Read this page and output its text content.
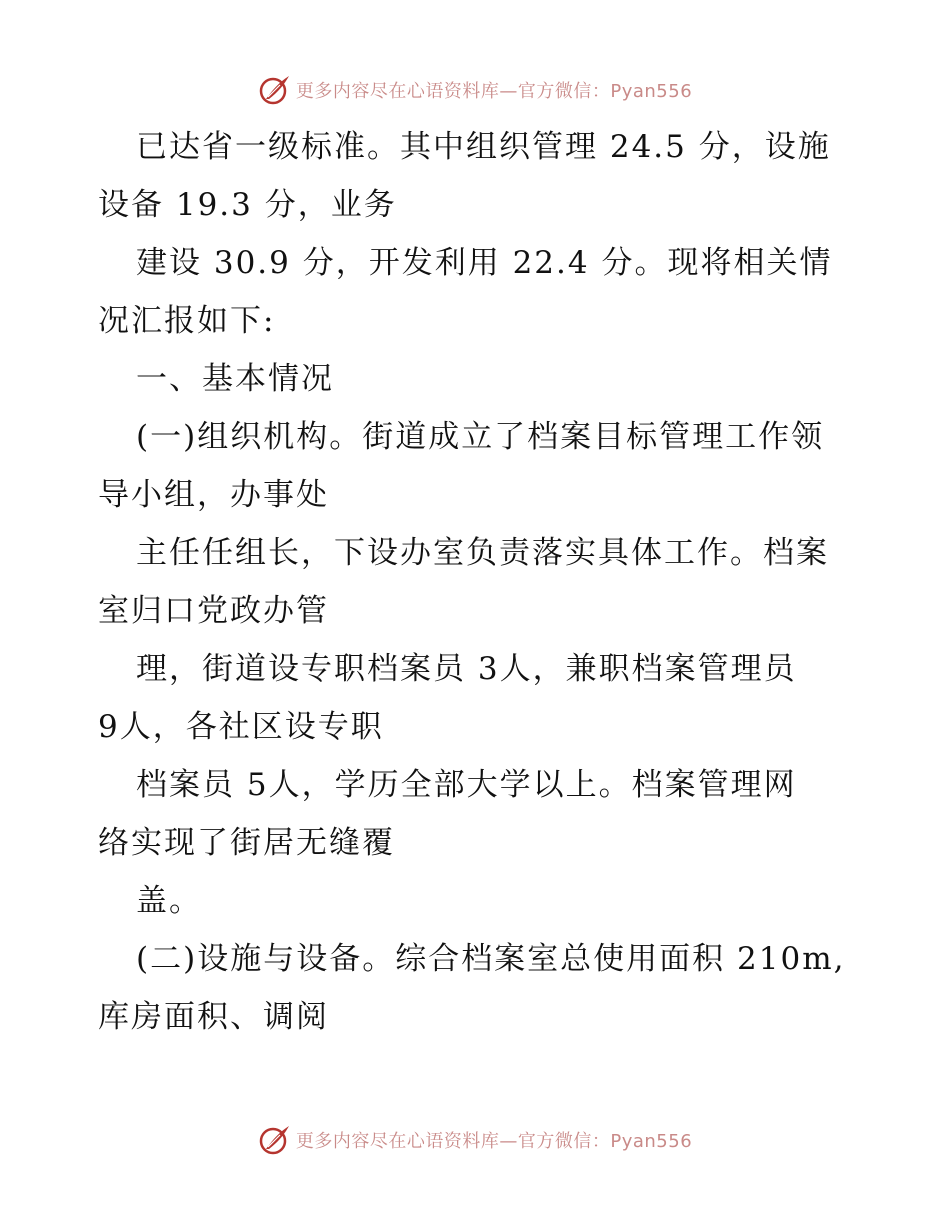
更多内容尽在心语资料库—官方微信：Pyan556
已达省一级标准。其中组织管理 24.5 分，设施
设备 19.3 分，业务
建设 30.9 分，开发利用 22.4 分。现将相关情
况汇报如下:
一、基本情况
(一)组织机构。街道成立了档案目标管理工作领
导小组，办事处
主任任组长，下设办室负责落实具体工作。档案
室归口党政办管
理，街道设专职档案员 3人，兼职档案管理员
9人，各社区设专职
档案员 5人，学历全部大学以上。档案管理网
络实现了街居无缝覆
盖。
(二)设施与设备。综合档案室总使用面积 210m,
库房面积、调阅
更多内容尽在心语资料库—官方微信：Pyan556
